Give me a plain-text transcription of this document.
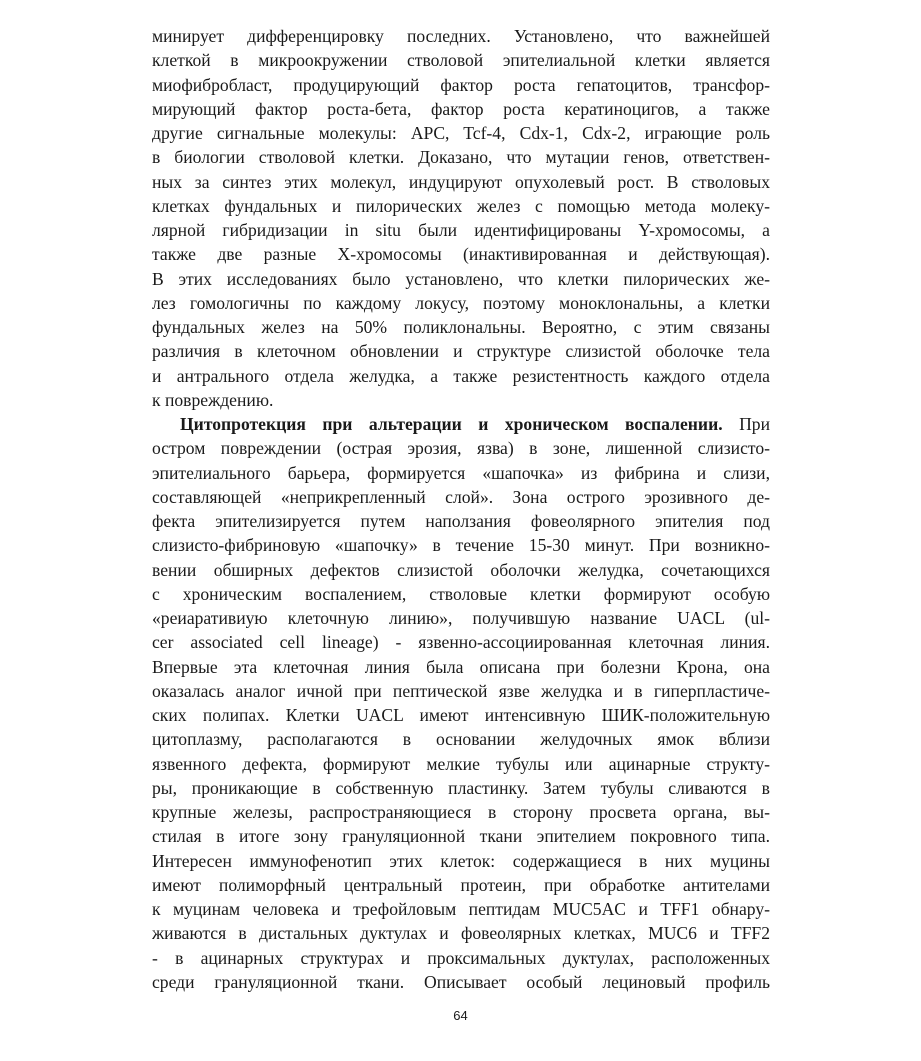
минирует дифференцировку последних. Установлено, что важнейшей

клеткой в микроокружении стволовой эпителиальной клетки является

миофибробласт, продуцирующий фактор роста гепатоцитов, трансфор-

мирующий фактор роста-бета, фактор роста кератиноцигов, а также

другие сигнальные молекулы: APC, Tcf-4, Cdx-1, Cdx-2, играющие роль

в биологии стволовой клетки. Доказано, что мутации генов, ответствен-

ных за синтез этих молекул, индуцируют опухолевый рост. В стволовых

клетках фундальных и пилорических желез с помощью метода молеку-

лярной гибридизации in situ были идентифицированы Y-хромосомы, а

также две разные X-хромосомы (инактивированная и действующая).

В этих исследованиях было установлено, что клетки пилорических же-

лез гомологичны по каждому локусу, поэтому моноклональны, а клетки

фундальных желез на 50% поликлональны. Вероятно, с этим связаны

различия в клеточном обновлении и структуре слизистой оболочке тела

и антрального отдела желудка, а также резистентность каждого отдела

к повреждению.

Цитопротекция при альтерации и хроническом воспалении. При

остром повреждении (острая эрозия, язва) в зоне, лишенной слизисто-

эпителиального барьера, формируется «шапочка» из фибрина и слизи,

составляющей «неприкрепленный слой». Зона острого эрозивного де-

фекта эпителизируется путем наползания фовеолярного эпителия под

слизисто-фибриновую «шапочку» в течение 15-30 минут. При возникно-

вении обширных дефектов слизистой оболочки желудка, сочетающихся

с хроническим воспалением, стволовые клетки формируют особую

«реиаративиую клеточную линию», получившую название UACL (ul-

cer associated cell lineage) - язвенно-ассоциированная клеточная линия.

Впервые эта клеточная линия была описана при болезни Крона, она

оказалась аналог ичной при пептической язве желудка и в гиперпластиче-

ских полипах. Клетки UACL имеют интенсивную ШИК-положительную

цитоплазму, располагаются в основании желудочных ямок вблизи

язвенного дефекта, формируют мелкие тубулы или ацинарные структу-

ры, проникающие в собственную пластинку. Затем тубулы сливаются в

крупные железы, распространяющиеся в сторону просвета органа, вы-

стилая в итоге зону грануляционной ткани эпителием покровного типа.

Интересен иммунофенотип этих клеток: содержащиеся в них муцины

имеют полиморфный центральный протеин, при обработке антителами

к муцинам человека и трефойловым пептидам MUC5AC и TFF1 обнару-

живаются в дистальных дуктулах и фовеолярных клетках, MUC6 и TFF2

- в ацинарных структурах и проксимальных дуктулах, расположенных

среди грануляционной ткани. Описывает особый лециновый профиль

64
